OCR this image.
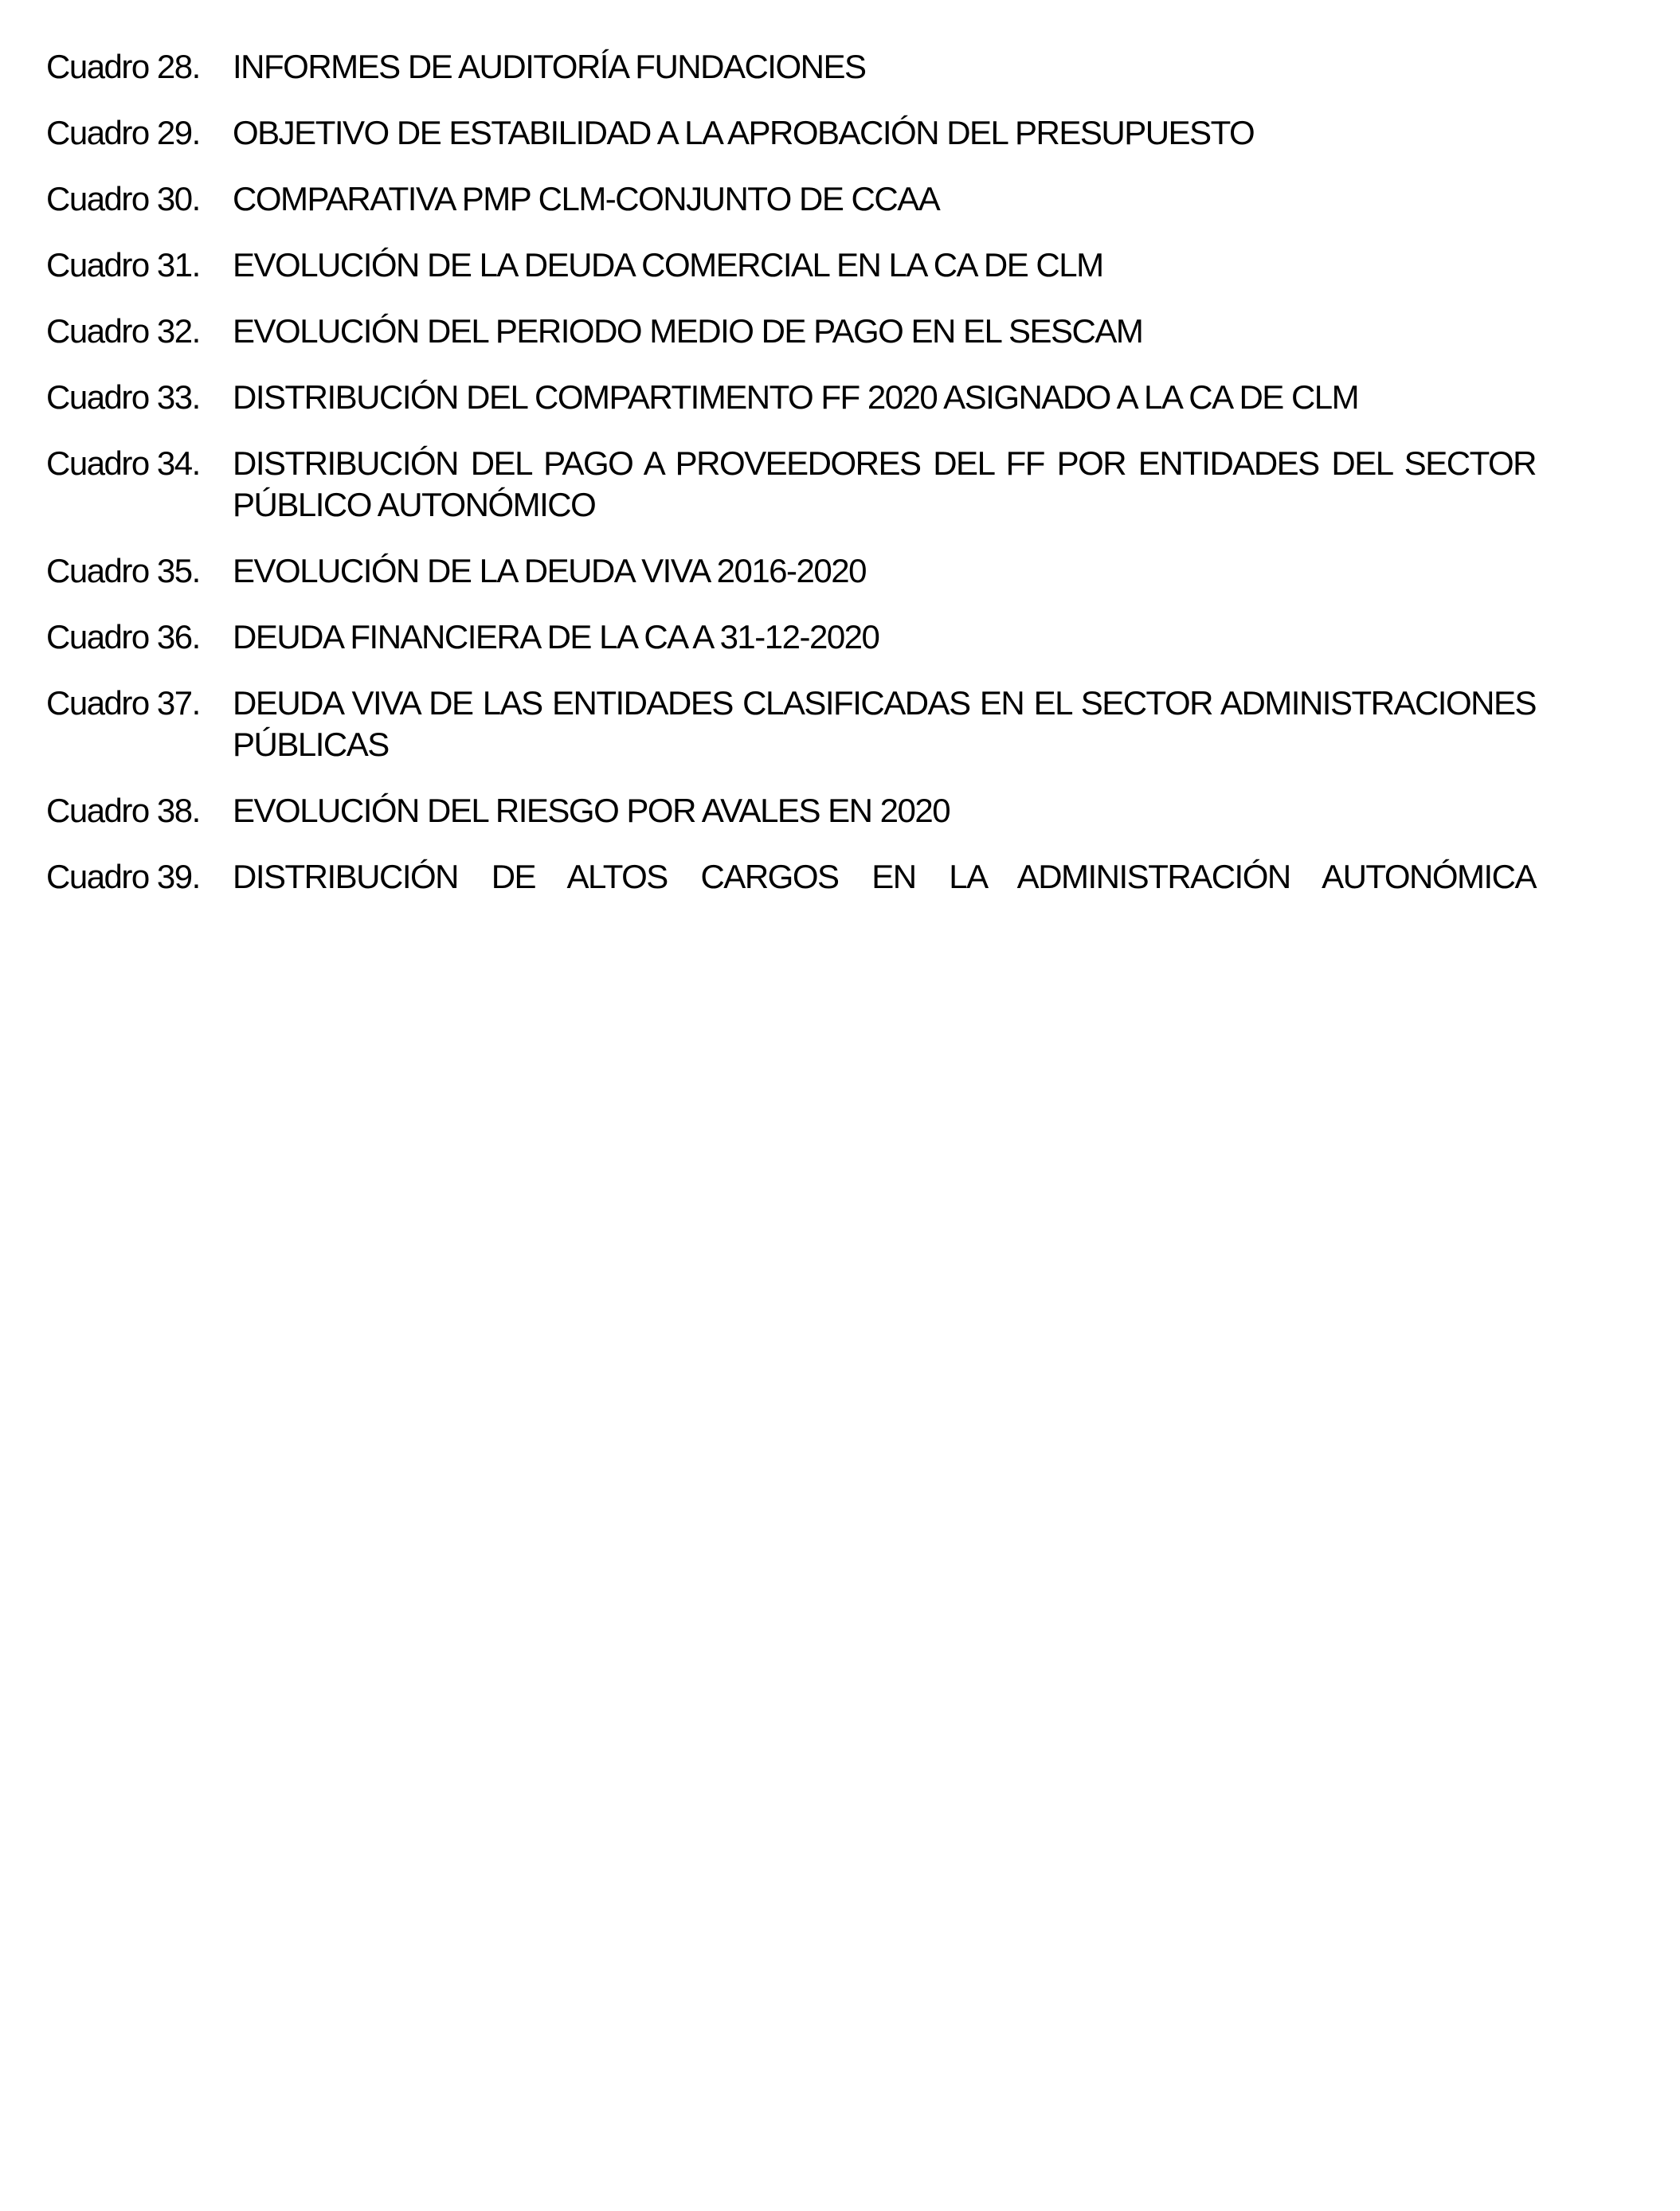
Cuadro 28. INFORMES DE AUDITORÍA FUNDACIONES
Cuadro 29. OBJETIVO DE ESTABILIDAD A LA APROBACIÓN DEL PRESUPUESTO
Cuadro 30. COMPARATIVA PMP CLM-CONJUNTO DE CCAA
Cuadro 31. EVOLUCIÓN DE LA DEUDA COMERCIAL EN LA CA DE CLM
Cuadro 32. EVOLUCIÓN DEL PERIODO MEDIO DE PAGO EN EL SESCAM
Cuadro 33. DISTRIBUCIÓN DEL COMPARTIMENTO FF 2020 ASIGNADO A LA CA DE CLM
Cuadro 34. DISTRIBUCIÓN DEL PAGO A PROVEEDORES DEL FF POR ENTIDADES DEL SECTOR PÚBLICO AUTONÓMICO
Cuadro 35. EVOLUCIÓN DE LA DEUDA VIVA 2016-2020
Cuadro 36. DEUDA FINANCIERA DE LA CA A 31-12-2020
Cuadro 37. DEUDA VIVA DE LAS ENTIDADES CLASIFICADAS EN EL SECTOR ADMINISTRACIONES PÚBLICAS
Cuadro 38. EVOLUCIÓN DEL RIESGO POR AVALES EN 2020
Cuadro 39. DISTRIBUCIÓN DE ALTOS CARGOS EN LA ADMINISTRACIÓN AUTONÓMICA
